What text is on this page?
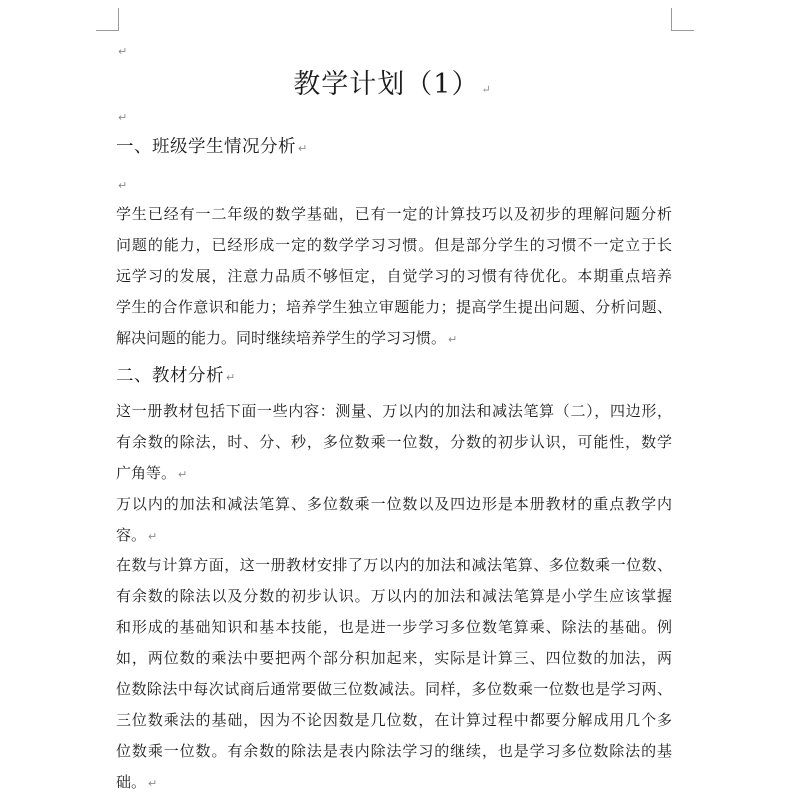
↵
教学计划（1） ↵
↵
一、班级学生情况分析 ↵
↵
学生已经有一二年级的数学基础，已有一定的计算技巧以及初步的理解问题分析
问题的能力，已经形成一定的数学学习习惯。但是部分学生的习惯不一定立于长
远学习的发展，注意力品质不够恒定，自觉学习的习惯有待优化。本期重点培养
学生的合作意识和能力；培养学生独立审题能力；提高学生提出问题、分析问题、
解决问题的能力。同时继续培养学生的学习习惯。 ↵
二、教材分析 ↵
这一册教材包括下面一些内容：测量、万以内的加法和减法笔算（二），四边形，
有余数的除法，时、分、秒，多位数乘一位数，分数的初步认识，可能性，数学
广角等。 ↵
万以内的加法和减法笔算、多位数乘一位数以及四边形是本册教材的重点教学内
容。 ↵
在数与计算方面，这一册教材安排了万以内的加法和减法笔算、多位数乘一位数、
有余数的除法以及分数的初步认识。万以内的加法和减法笔算是小学生应该掌握
和形成的基础知识和基本技能，也是进一步学习多位数笔算乘、除法的基础。例
如，两位数的乘法中要把两个部分积加起来，实际是计算三、四位数的加法，两
位数除法中每次试商后通常要做三位数减法。同样，多位数乘一位数也是学习两、
三位数乘法的基础，因为不论因数是几位数，在计算过程中都要分解成用几个多
位数乘一位数。有余数的除法是表内除法学习的继续，也是学习多位数除法的基
础。 ↵
